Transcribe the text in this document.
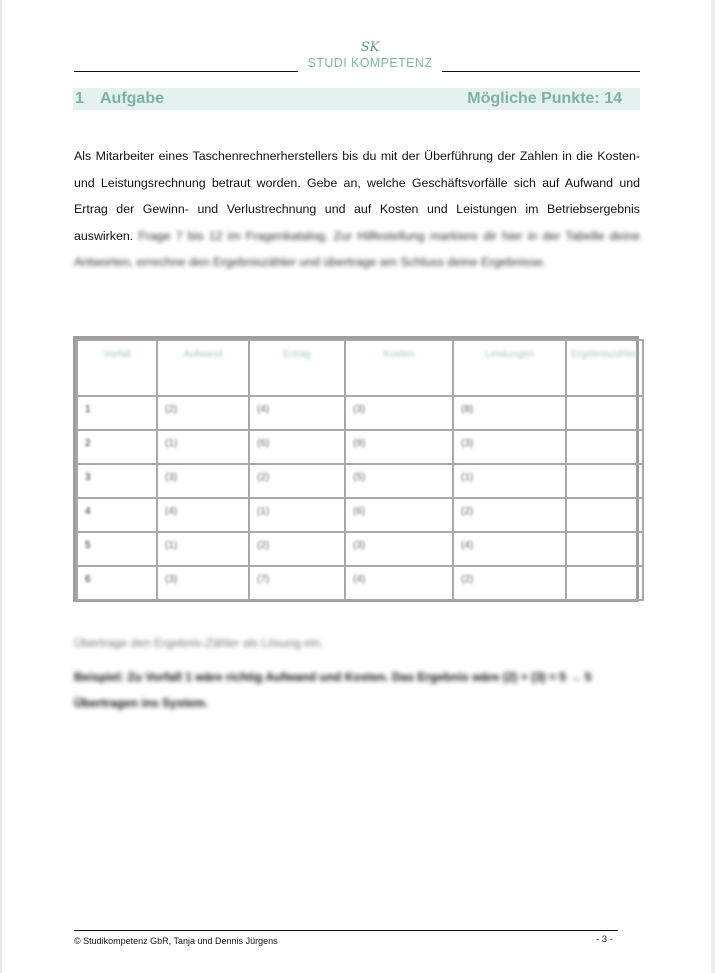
SK
STUDI KOMPETENZ
1 Aufgabe	Mögliche Punkte: 14

Als Mitarbeiter eines Taschenrechnerherstellers bis du mit der Überführung der Zahlen in die Kosten- und Leistungsrechnung betraut worden. Gebe an, welche Geschäftsvorfälle sich auf Aufwand und Ertrag der Gewinn- und Verlustrechnung und auf Kosten und Leistungen im Betriebsergebnis auswirken. Frage 7 bis 12 im Fragenkatalog. Zur Hilfestellung markiere dir hier in der Tabelle deine Antworten, errechne den Ergebniszähler und übertrage am Schluss deine Ergebnisse.

Vorfall	Aufwand	Ertrag	Kosten	Leistungen	Ergebniszähler
1	(2)	(4)	(3)	(8)	
2	(1)	(6)	(9)	(3)	
3	(3)	(2)	(5)	(1)	
4	(4)	(1)	(6)	(2)	
5	(1)	(2)	(3)	(4)	
6	(3)	(7)	(4)	(2)	

Übertrage den Ergebnis-Zähler als Lösung ein.

Beispiel: Zu Vorfall 1 wäre richtig Aufwand und Kosten. Das Ergebnis wäre (2) + (3) = 5 → 5 Übertragen ins System.

© Studikompetenz GbR, Tanja und Dennis Jürgens	- 3 -
